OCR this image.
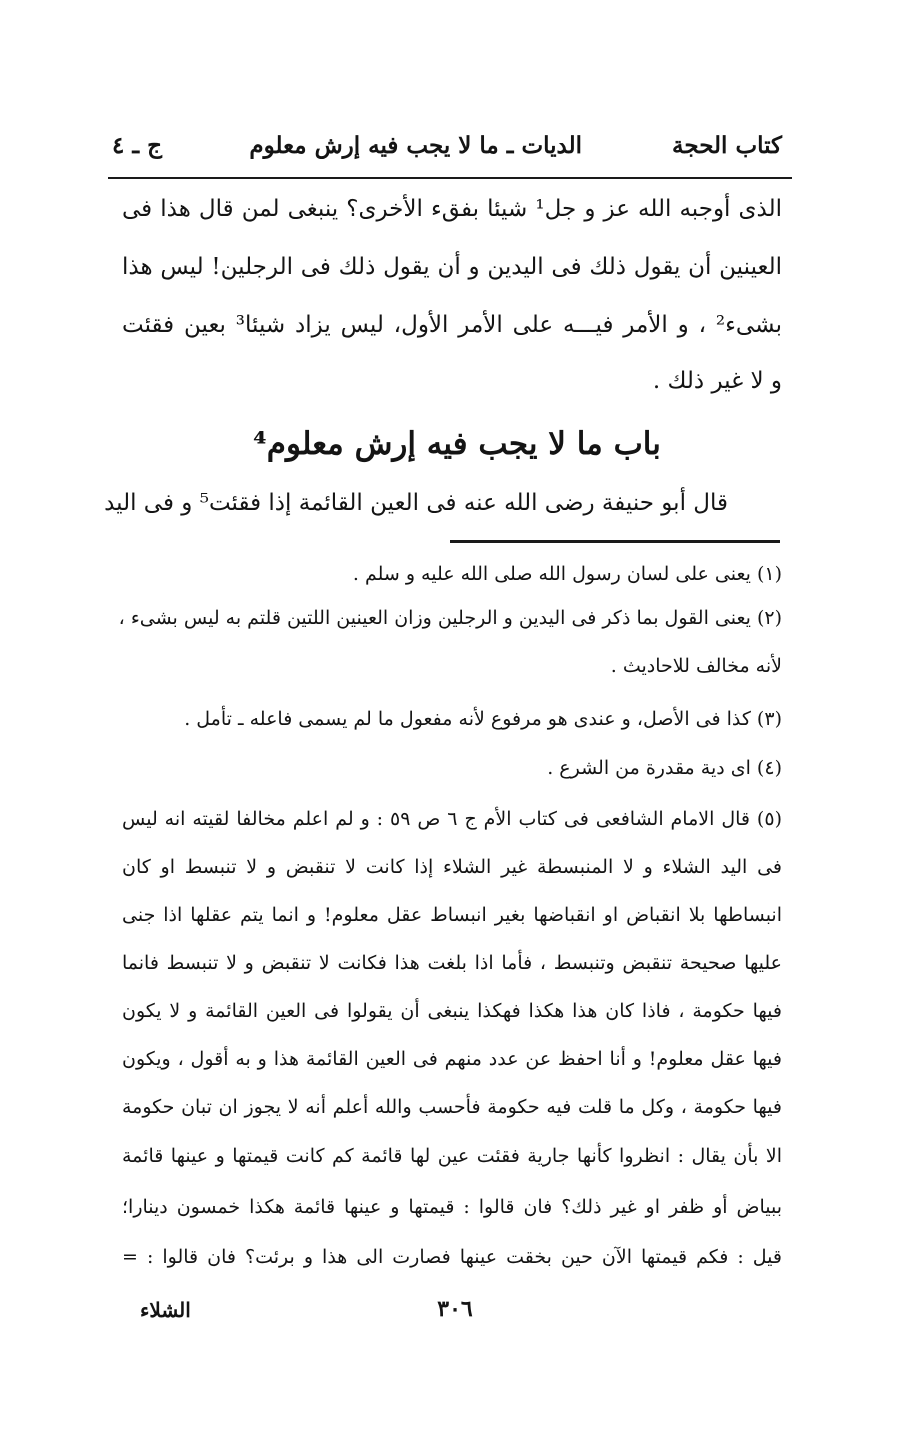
كتاب الحجة
الديات ـ ما لا يجب فيه إرش معلوم
ج ـ ٤
الذى أوجبه الله عز و جل¹ شيئا بفقء الأخرى؟ ينبغى لمن قال هذا فى
العينين أن يقول ذلك فى اليدين و أن يقول ذلك فى الرجلين! ليس هذا
بشىء² ، و الأمر فيـــه على الأمر الأول، ليس يزاد شيئا³ بعين فقئت
و لا غير ذلك .
باب ما لا يجب فيه إرش معلوم⁴
قال أبو حنيفة رضى الله عنه فى العين القائمة إذا فقئت⁵ و فى اليد
(١) يعنى على لسان رسول الله صلى الله عليه و سلم .
(٢) يعنى القول بما ذكر فى اليدين و الرجلين وزان العينين اللتين قلتم به ليس بشىء ،
لأنه مخالف للاحاديث .
(٣) كذا فى الأصل، و عندى هو مرفوع لأنه مفعول ما لم يسمى فاعله ـ تأمل .
(٤) اى دية مقدرة من الشرع .
(٥) قال الامام الشافعى فى كتاب الأم ج ٦ ص ٥٩ : و لم اعلم مخالفا لقيته انه ليس
فى اليد الشلاء و لا المنبسطة غير الشلاء إذا كانت لا تنقبض و لا تنبسط او كان
انبساطها بلا انقباض او انقباضها بغير انبساط عقل معلوم! و انما يتم عقلها اذا جنى
عليها صحيحة تنقبض وتنبسط ، فأما اذا بلغت هذا فكانت لا تنقبض و لا تنبسط فانما
فيها حكومة ، فاذا كان هذا هكذا فهكذا ينبغى أن يقولوا فى العين القائمة و لا يكون
فيها عقل معلوم! و أنا احفظ عن عدد منهم فى العين القائمة هذا و به أقول ، ويكون
فيها حكومة ، وكل ما قلت فيه حكومة فأحسب والله أعلم أنه لا يجوز ان تبان حكومة
الا بأن يقال : انظروا كأنها جارية فقئت عين لها قائمة كم كانت قيمتها و عينها قائمة
ببياض أو ظفر او غير ذلك؟ فان قالوا : قيمتها و عينها قائمة هكذا خمسون دينارا؛
قيل : فكم قيمتها الآن حين بخقت عينها فصارت الى هذا و برئت؟ فان قالوا : =
الشلاء	٣٠٦
